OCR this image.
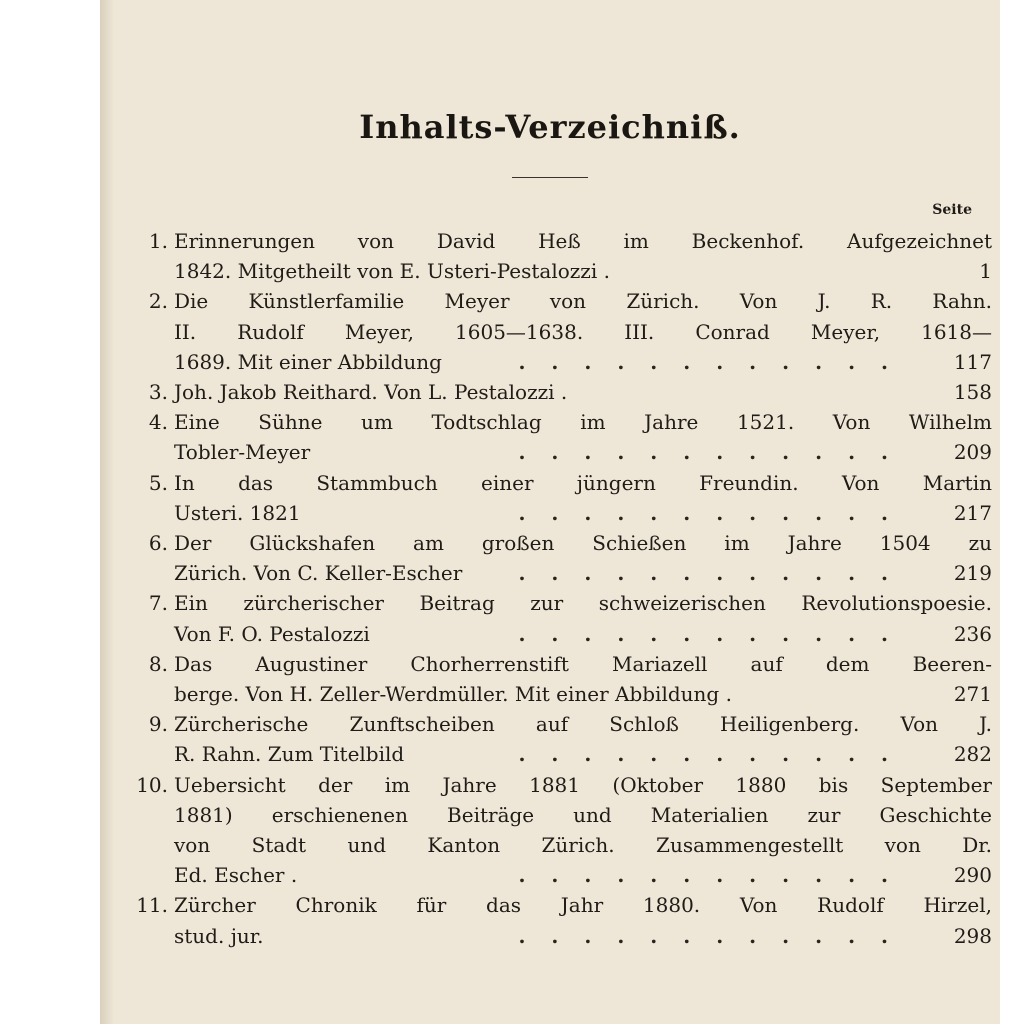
Inhalts-Verzeichniß.
Seite
1. Erinnerungen von David Heß im Beckenhof. Aufgezeichnet
1842. Mitgetheilt von E. Usteri-Pestalozzi .	1
2. Die Künstlerfamilie Meyer von Zürich. Von J. R. Rahn.
II. Rudolf Meyer, 1605—1638. III. Conrad Meyer, 1618—
1689. Mit einer Abbildung	............	117
3. Joh. Jakob Reithard. Von L. Pestalozzi .	158
4. Eine Sühne um Todtschlag im Jahre 1521. Von Wilhelm
Tobler-Meyer	............	209
5. In das Stammbuch einer jüngern Freundin. Von Martin
Usteri. 1821	............	217
6. Der Glückshafen am großen Schießen im Jahre 1504 zu
Zürich. Von C. Keller-Escher	............	219
7. Ein zürcherischer Beitrag zur schweizerischen Revolutionspoesie.
Von F. O. Pestalozzi	............	236
8. Das Augustiner Chorherrenstift Mariazell auf dem Beeren-
berge. Von H. Zeller-Werdmüller. Mit einer Abbildung .	271
9. Zürcherische Zunftscheiben auf Schloß Heiligenberg. Von J.
R. Rahn. Zum Titelbild	............	282
10. Uebersicht der im Jahre 1881 (Oktober 1880 bis September
1881) erschienenen Beiträge und Materialien zur Geschichte
von Stadt und Kanton Zürich. Zusammengestellt von Dr.
Ed. Escher .	............	290
11. Zürcher Chronik für das Jahr 1880. Von Rudolf Hirzel,
stud. jur.	............	298
